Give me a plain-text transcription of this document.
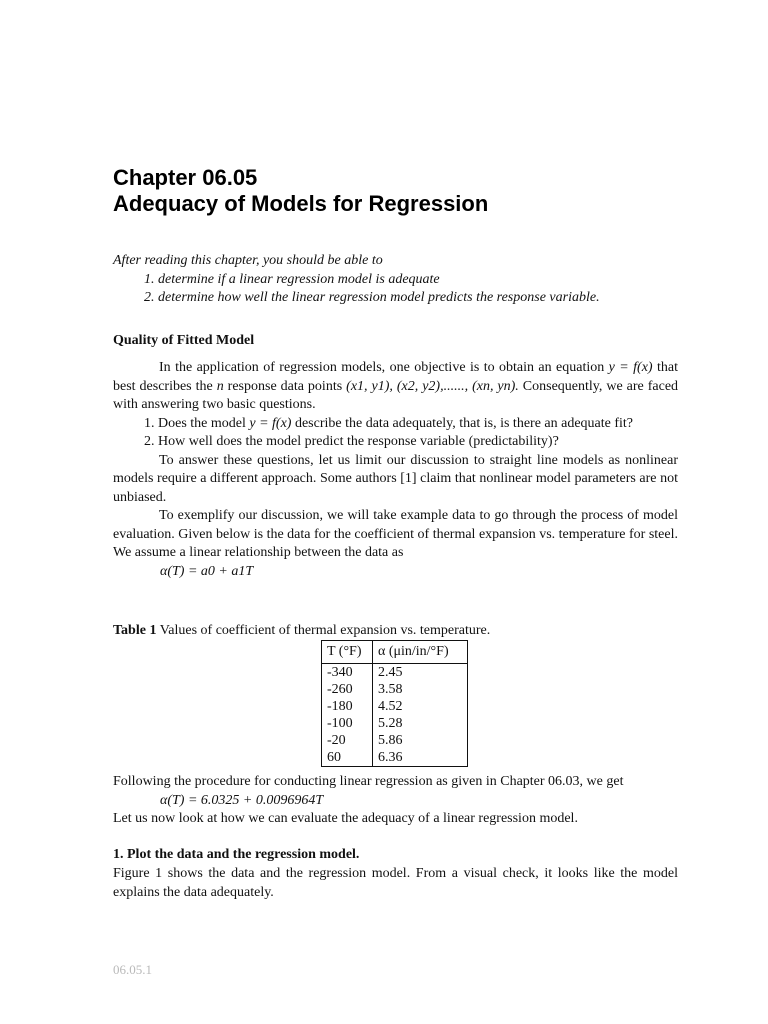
Chapter 06.05
Adequacy of Models for Regression
After reading this chapter, you should be able to
1. determine if a linear regression model is adequate
2. determine how well the linear regression model predicts the response variable.
Quality of Fitted Model

In the application of regression models, one objective is to obtain an equation y = f(x) that best describes the n response data points (x1, y1), (x2, y2),......, (xn, yn). Consequently, we are faced with answering two basic questions.

1. Does the model y = f(x) describe the data adequately, that is, is there an adequate fit?
2. How well does the model predict the response variable (predictability)?

To answer these questions, let us limit our discussion to straight line models as nonlinear models require a different approach. Some authors [1] claim that nonlinear model parameters are not unbiased.

To exemplify our discussion, we will take example data to go through the process of model evaluation. Given below is the data for the coefficient of thermal expansion vs. temperature for steel. We assume a linear relationship between the data as

α(T) = a0 + a1T

Table 1 Values of coefficient of thermal expansion vs. temperature.
T (°F)	α (μin/in/°F)
-340	2.45
-260	3.58
-180	4.52
-100	5.28
-20	5.86
60	6.36

Following the procedure for conducting linear regression as given in Chapter 06.03, we get

α(T) = 6.0325 + 0.0096964T

Let us now look at how we can evaluate the adequacy of a linear regression model.

1. Plot the data and the regression model.

Figure 1 shows the data and the regression model. From a visual check, it looks like the model explains the data adequately.

06.05.1
